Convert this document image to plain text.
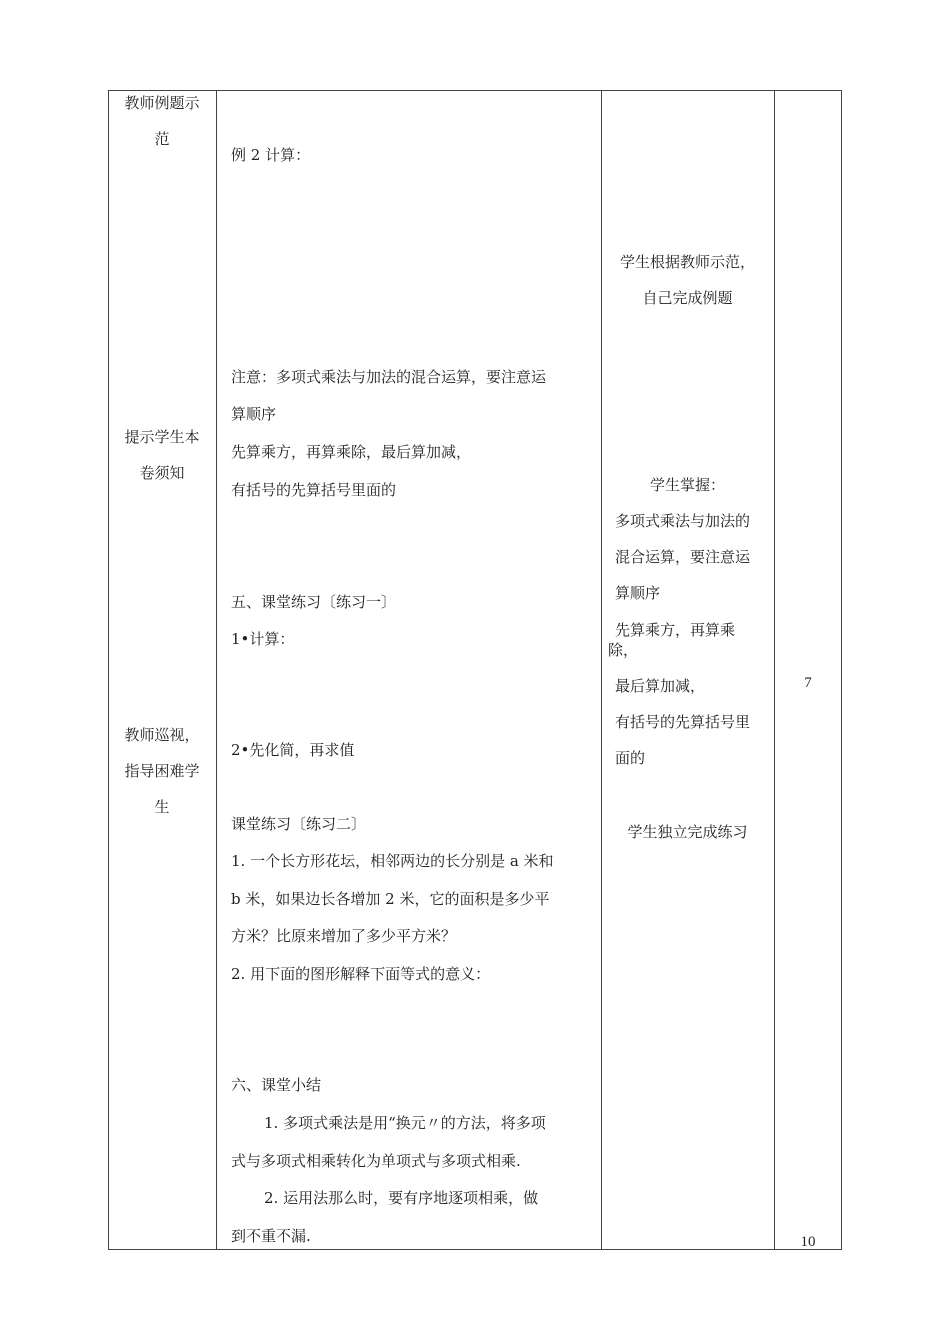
教师例题示
范
提示学生本
卷须知
教师巡视，
指导困难学
生
例 2 计算：
注意：多项式乘法与加法的混合运算，要注意运
算顺序
先算乘方，再算乘除，最后算加减，
有括号的先算括号里面的
五、课堂练习〔练习一〕
1•计算：
2•先化简，再求值
课堂练习〔练习二〕
1. 一个长方形花坛，相邻两边的长分别是 a 米和
b 米，如果边长各增加 2 米，它的面积是多少平
方米？比原来增加了多少平方米？
2. 用下面的图形解释下面等式的意义：
六、课堂小结
1. 多项式乘法是用“换元〃的方法，将多项
式与多项式相乘转化为单项式与多项式相乘.
2. 运用法那么时，要有序地逐项相乘，做
到不重不漏.
学生根据教师示范，
自己完成例题
学生掌握：
多项式乘法与加法的
混合运算，要注意运
算顺序
先算乘方，再算乘
除，
最后算加减，
有括号的先算括号里
面的
学生独立完成练习
7
10
